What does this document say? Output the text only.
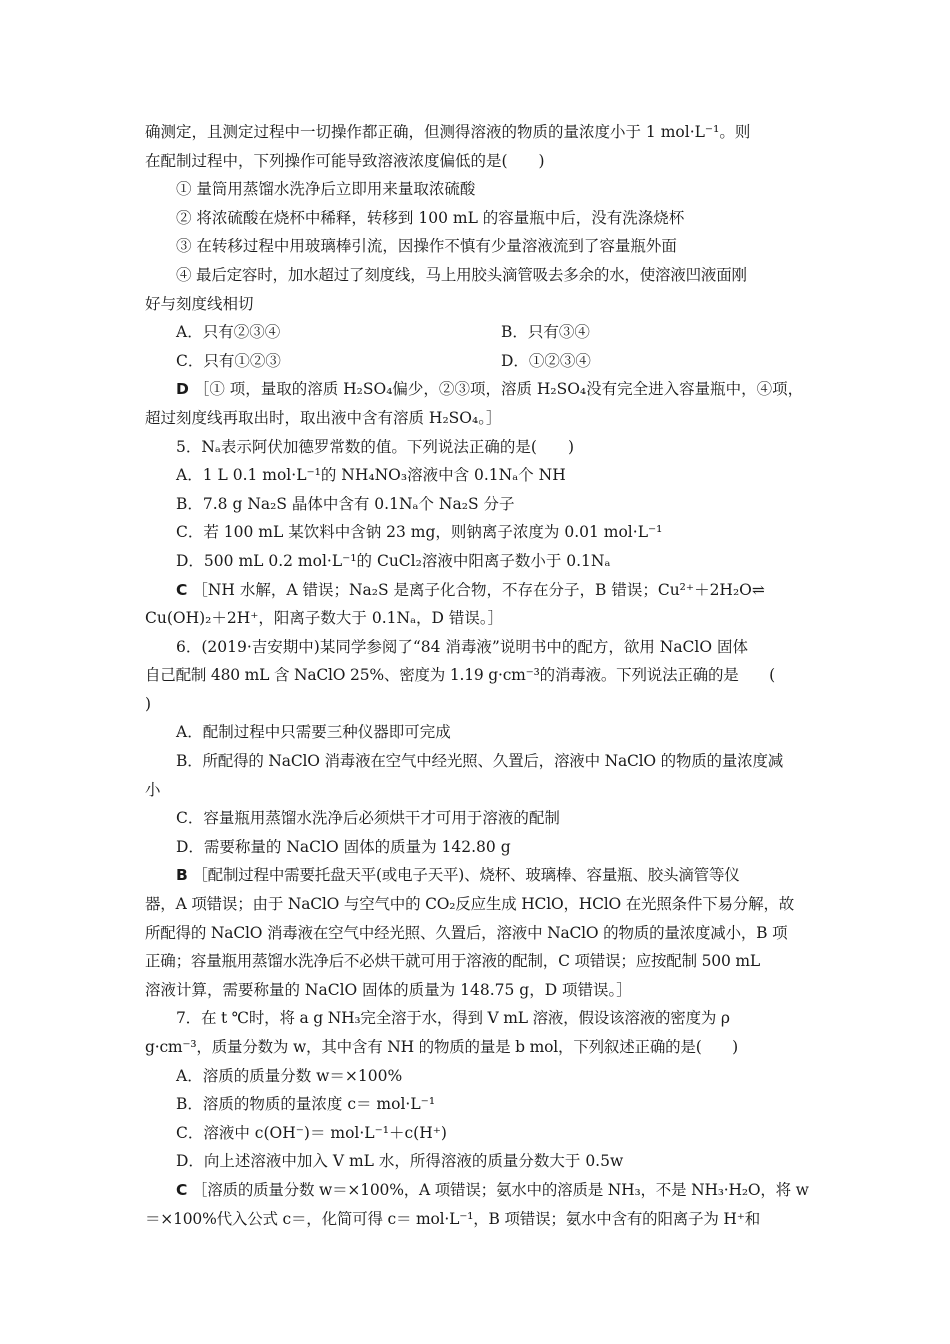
确测定，且测定过程中一切操作都正确，但测得溶液的物质的量浓度小于 1 mol·L⁻¹。则
在配制过程中，下列操作可能导致溶液浓度偏低的是(　　)
① 量筒用蒸馏水洗净后立即用来量取浓硫酸
② 将浓硫酸在烧杯中稀释，转移到 100 mL 的容量瓶中后，没有洗涤烧杯
③ 在转移过程中用玻璃棒引流，因操作不慎有少量溶液流到了容量瓶外面
④ 最后定容时，加水超过了刻度线，马上用胶头滴管吸去多余的水，使溶液凹液面刚
好与刻度线相切
A．只有②③④	B．只有③④
C．只有①②③	D．①②③④
D ［① 项，量取的溶质 H₂SO₄偏少，②③项，溶质 H₂SO₄没有完全进入容量瓶中，④项，
超过刻度线再取出时，取出液中含有溶质 H₂SO₄。］
5．Nₐ表示阿伏加德罗常数的值。下列说法正确的是(　　)
A．1 L 0.1 mol·L⁻¹的 NH₄NO₃溶液中含 0.1Nₐ个 NH
B．7.8 g Na₂S 晶体中含有 0.1Nₐ个 Na₂S 分子
C．若 100 mL 某饮料中含钠 23 mg，则钠离子浓度为 0.01 mol·L⁻¹
D．500 mL 0.2 mol·L⁻¹的 CuCl₂溶液中阳离子数小于 0.1Nₐ
C ［NH 水解，A 错误；Na₂S 是离子化合物，不存在分子，B 错误；Cu²⁺＋2H₂O⇌
Cu(OH)₂＋2H⁺，阳离子数大于 0.1Nₐ，D 错误。］
6．(2019·吉安期中)某同学参阅了“84 消毒液”说明书中的配方，欲用 NaClO 固体
自己配制 480 mL 含 NaClO 25%、密度为 1.19 g·cm⁻³的消毒液。下列说法正确的是　　(
)
A．配制过程中只需要三种仪器即可完成
B．所配得的 NaClO 消毒液在空气中经光照、久置后，溶液中 NaClO 的物质的量浓度减
小
C．容量瓶用蒸馏水洗净后必须烘干才可用于溶液的配制
D．需要称量的 NaClO 固体的质量为 142.80 g
B ［配制过程中需要托盘天平(或电子天平)、烧杯、玻璃棒、容量瓶、胶头滴管等仪
器，A 项错误；由于 NaClO 与空气中的 CO₂反应生成 HClO，HClO 在光照条件下易分解，故
所配得的 NaClO 消毒液在空气中经光照、久置后，溶液中 NaClO 的物质的量浓度减小，B 项
正确；容量瓶用蒸馏水洗净后不必烘干就可用于溶液的配制，C 项错误；应按配制 500 mL
溶液计算，需要称量的 NaClO 固体的质量为 148.75 g，D 项错误。］
7．在 t ℃时，将 a g NH₃完全溶于水，得到 V mL 溶液，假设该溶液的密度为 ρ
g·cm⁻³，质量分数为 w，其中含有 NH 的物质的量是 b mol，下列叙述正确的是(　　)
A．溶质的质量分数 w＝×100%
B．溶质的物质的量浓度 c＝ mol·L⁻¹
C．溶液中 c(OH⁻)＝ mol·L⁻¹＋c(H⁺)
D．向上述溶液中加入 V mL 水，所得溶液的质量分数大于 0.5w
C ［溶质的质量分数 w＝×100%，A 项错误；氨水中的溶质是 NH₃，不是 NH₃·H₂O，将 w
＝×100%代入公式 c＝，化简可得 c＝ mol·L⁻¹，B 项错误；氨水中含有的阳离子为 H⁺和
